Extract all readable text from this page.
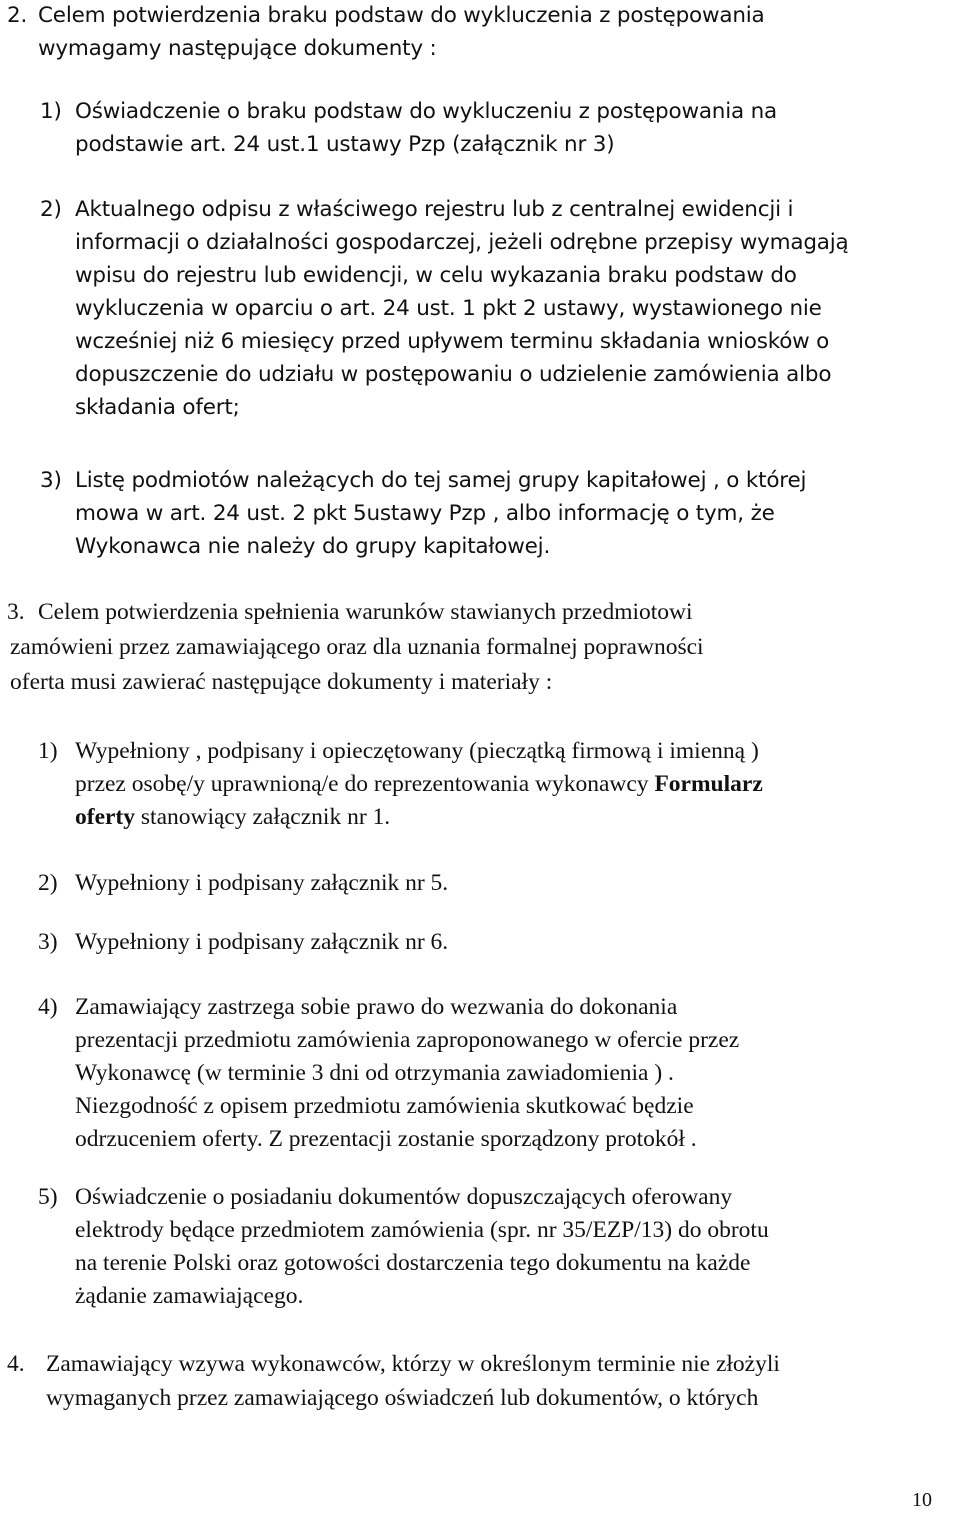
2. Celem potwierdzenia braku podstaw do wykluczenia z postępowania
wymagamy następujące dokumenty :
1) Oświadczenie o braku podstaw do wykluczeniu z postępowania na
podstawie art. 24 ust.1 ustawy Pzp (załącznik nr 3)
2) Aktualnego odpisu z właściwego rejestru lub z centralnej ewidencji i
informacji o działalności gospodarczej, jeżeli odrębne przepisy wymagają
wpisu do rejestru lub ewidencji, w celu wykazania braku podstaw do
wykluczenia w oparciu o art. 24 ust. 1 pkt 2 ustawy, wystawionego nie
wcześniej niż 6 miesięcy przed upływem terminu składania wniosków o
dopuszczenie do udziału w postępowaniu o udzielenie zamówienia albo
składania ofert;
3) Listę podmiotów należących do tej samej grupy kapitałowej , o której
mowa w art. 24 ust. 2 pkt 5ustawy Pzp , albo informację o tym, że
Wykonawca nie należy do grupy kapitałowej.
3. Celem potwierdzenia spełnienia warunków stawianych przedmiotowi
zamówieni przez zamawiającego oraz dla uznania formalnej poprawności
oferta musi zawierać następujące dokumenty i materiały :
1) Wypełniony , podpisany i opieczętowany (pieczątką firmową i imienną )
przez osobę/y uprawnioną/e do reprezentowania wykonawcy Formularz
oferty stanowiący załącznik nr 1.
2) Wypełniony i podpisany załącznik nr 5.
3) Wypełniony i podpisany załącznik nr 6.
4) Zamawiający zastrzega sobie prawo do wezwania do dokonania
prezentacji przedmiotu zamówienia zaproponowanego w ofercie przez
Wykonawcę (w terminie 3 dni od otrzymania zawiadomienia ) .
Niezgodność z opisem przedmiotu zamówienia skutkować będzie
odrzuceniem oferty. Z prezentacji zostanie sporządzony protokół .
5) Oświadczenie o posiadaniu dokumentów dopuszczających oferowany
elektrody będące przedmiotem zamówienia (spr. nr 35/EZP/13) do obrotu
na terenie Polski oraz gotowości dostarczenia tego dokumentu na każde
żądanie zamawiającego.
4. Zamawiający wzywa wykonawców, którzy w określonym terminie nie złożyli
wymaganych przez zamawiającego oświadczeń lub dokumentów, o których
10
